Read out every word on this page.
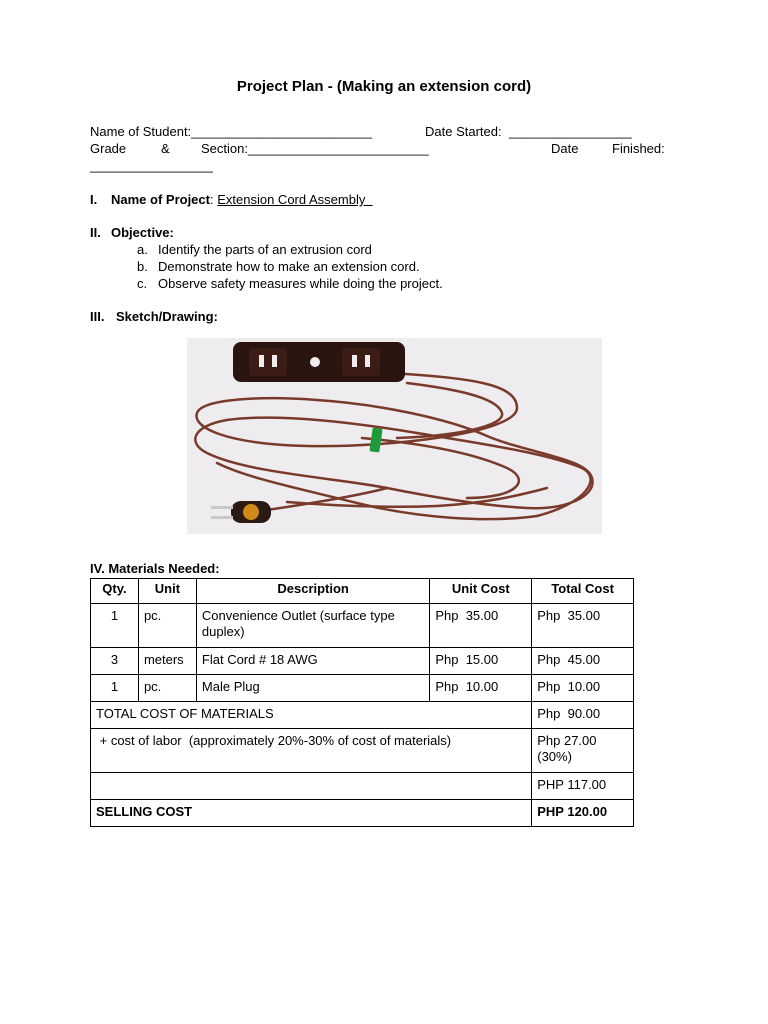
Project Plan - (Making an extension cord)
Name of Student:_________________________	Date Started: _________________
Grade	& Section:_________________________	Date	Finished:
_________________
I. Name of Project: Extension Cord Assembly
II. Objective:
a. Identify the parts of an extrusion cord
b. Demonstrate how to make an extension cord.
c. Observe safety measures while doing the project.
III. Sketch/Drawing:
IV. Materials Needed:
Qty.	Unit	Description	Unit Cost	Total Cost
1	pc.	Convenience Outlet (surface type duplex)	Php  35.00	Php  35.00
3	meters	Flat Cord # 18 AWG	Php  15.00	Php  45.00
1	pc.	Male Plug	Php  10.00	Php  10.00
TOTAL COST OF MATERIALS				Php  90.00
+ cost of labor  (approximately 20%-30% of cost of materials)				Php 27.00
(30%)

				PHP 117.00
SELLING COST				PHP 120.00
